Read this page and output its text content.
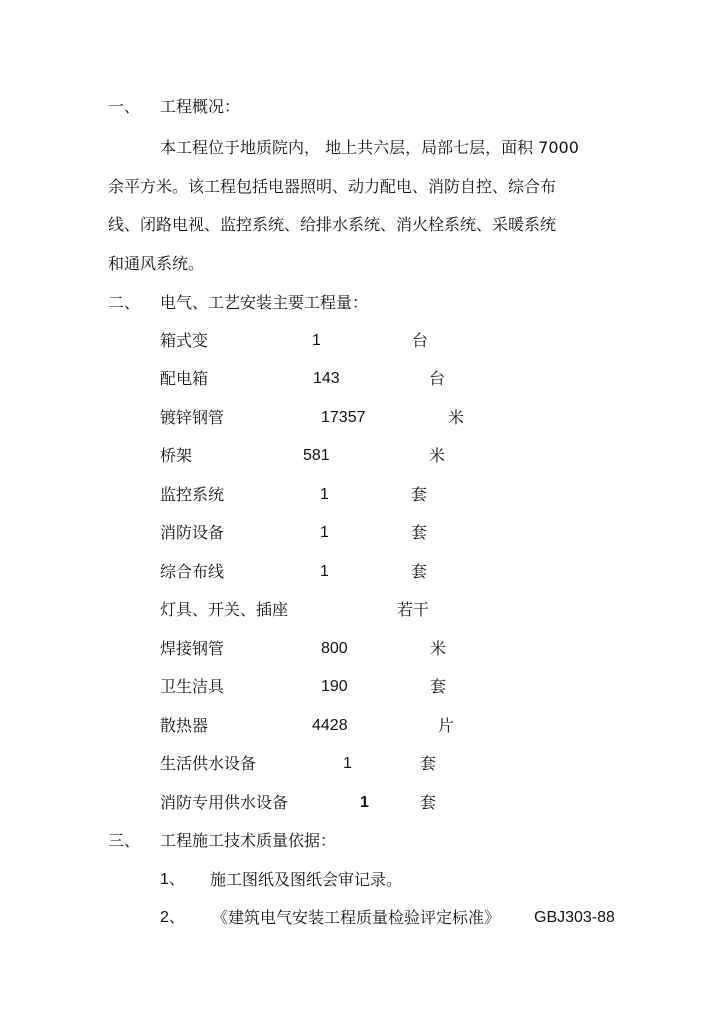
一、 工程概况：
本工程位于地质院内， 地上共六层，局部七层，面积 7000
余平方米。该工程包括电器照明、动力配电、消防自控、综合布
线、闭路电视、监控系统、给排水系统、消火栓系统、采暖系统
和通风系统。
二、 电气、工艺安装主要工程量：
箱式变	1	台
配电箱	143	台
镀锌钢管	17357	米
桥架	581	米
监控系统	1	套
消防设备	1	套
综合布线	1	套
灯具、开关、插座	若干
焊接钢管	800	米
卫生洁具	190	套
散热器	4428	片
生活供水设备	1	套
消防专用供水设备	1	套
三、 工程施工技术质量依据：
1、 施工图纸及图纸会审记录。
2、 《建筑电气安装工程质量检验评定标准》 GBJ303-88
